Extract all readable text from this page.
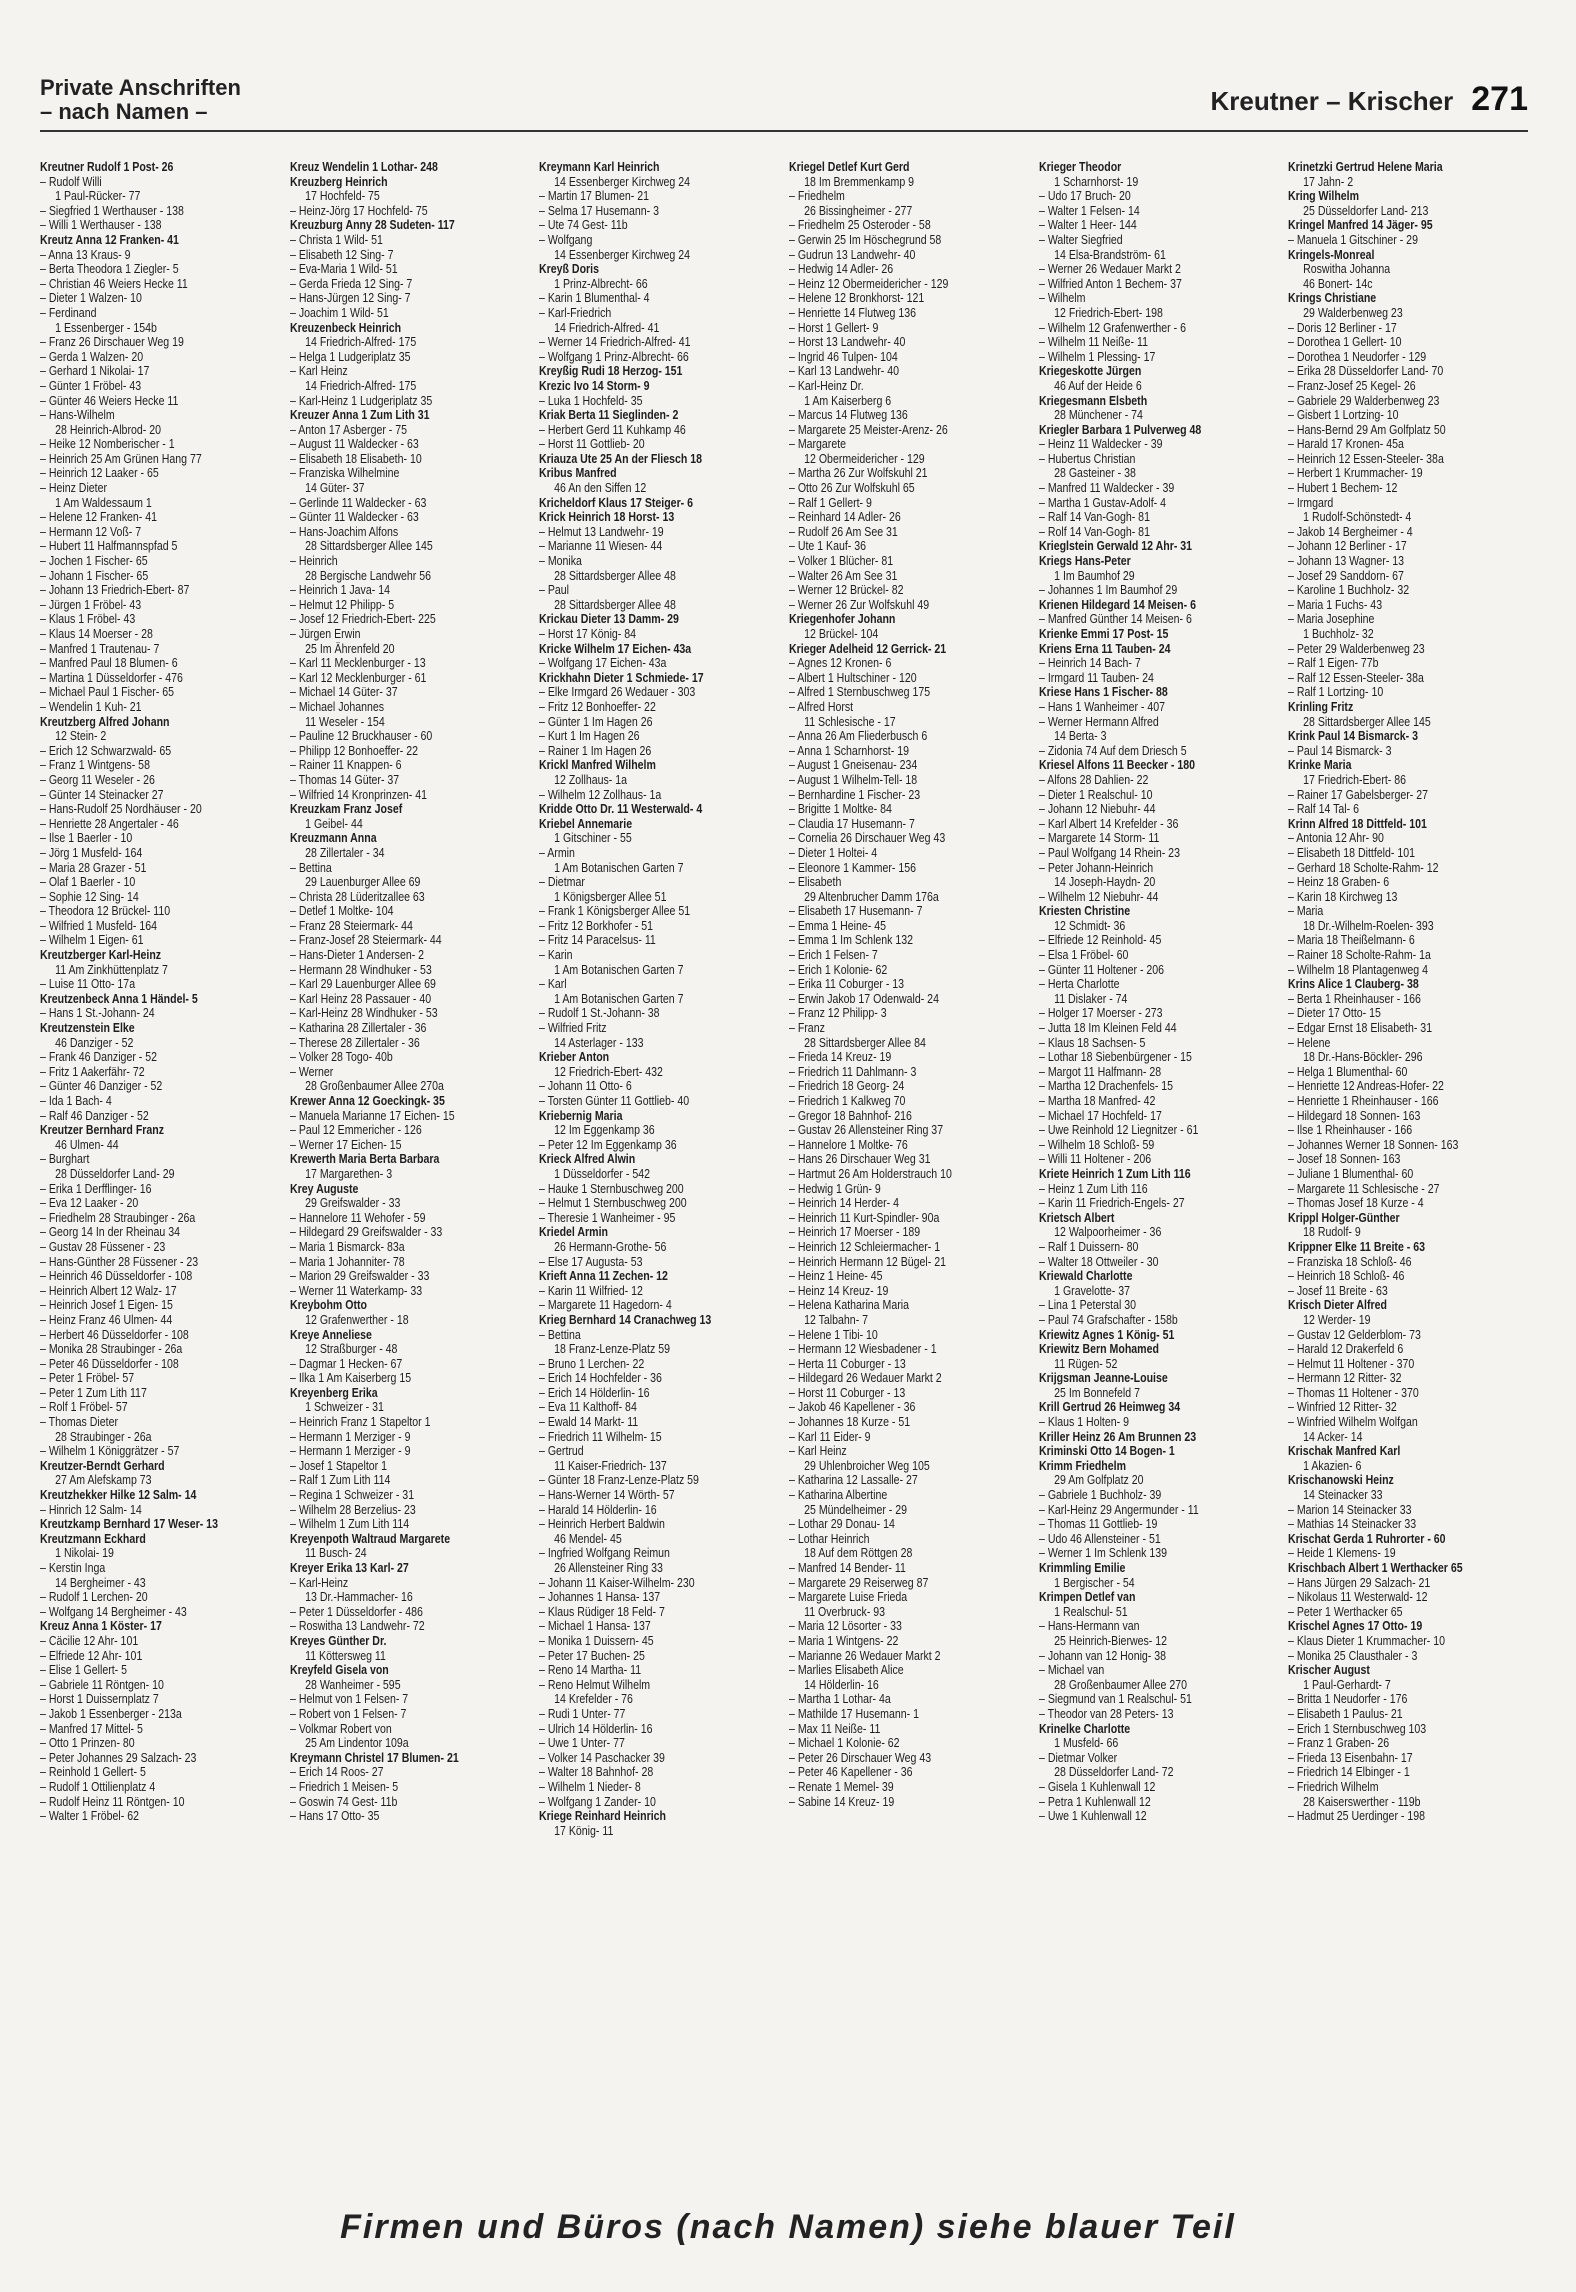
Private Anschriften
– nach Namen –	Kreutner – Krischer 271
Kreutner Rudolf 1 Post- 26
– Rudolf Willi
1 Paul-Rücker- 77
– Siegfried 1 Werthauser - 138
– Willi 1 Werthauser - 138
Kreutz Anna 12 Franken- 41
– Anna 13 Kraus- 9
– Berta Theodora 1 Ziegler- 5
– Christian 46 Weiers Hecke 11
– Dieter 1 Walzen- 10
– Ferdinand
1 Essenberger - 154b
– Franz 26 Dirschauer Weg 19
– Gerda 1 Walzen- 20
– Gerhard 1 Nikolai- 17
– Günter 1 Fröbel- 43
– Günter 46 Weiers Hecke 11
– Hans-Wilhelm
28 Heinrich-Albrod- 20
– Heike 12 Nomberischer - 1
– Heinrich 25 Am Grünen Hang 77
– Heinrich 12 Laaker - 65
– Heinz Dieter
1 Am Waldessaum 1
– Helene 12 Franken- 41
– Hermann 12 Voß- 7
– Hubert 11 Halfmannspfad 5
– Jochen 1 Fischer- 65
– Johann 1 Fischer- 65
– Johann 13 Friedrich-Ebert- 87
– Jürgen 1 Fröbel- 43
– Klaus 1 Fröbel- 43
– Klaus 14 Moerser - 28
– Manfred 1 Trautenau- 7
– Manfred Paul 18 Blumen- 6
– Martina 1 Düsseldorfer - 476
– Michael Paul 1 Fischer- 65
– Wendelin 1 Kuh- 21
Kreutzberg Alfred Johann
12 Stein- 2
– Erich 12 Schwarzwald- 65
– Franz 1 Wintgens- 58
– Georg 11 Weseler - 26
– Günter 14 Steinacker 27
– Hans-Rudolf 25 Nordhäuser - 20
– Henriette 28 Angertaler - 46
– Ilse 1 Baerler - 10
– Jörg 1 Musfeld- 164
– Maria 28 Grazer - 51
– Olaf 1 Baerler - 10
– Sophie 12 Sing- 14
– Theodora 12 Brückel- 110
– Wilfried 1 Musfeld- 164
– Wilhelm 1 Eigen- 61
Kreutzberger Karl-Heinz
11 Am Zinkhüttenplatz 7
– Luise 11 Otto- 17a
Kreutzenbeck Anna 1 Händel- 5
– Hans 1 St.-Johann- 24
Kreutzenstein Elke
46 Danziger - 52
– Frank 46 Danziger - 52
– Fritz 1 Aakerfähr- 72
– Günter 46 Danziger - 52
– Ida 1 Bach- 4
– Ralf 46 Danziger - 52
Kreutzer Bernhard Franz
46 Ulmen- 44
– Burghart
28 Düsseldorfer Land- 29
– Erika 1 Derfflinger- 16
– Eva 12 Laaker - 20
– Friedhelm 28 Straubinger - 26a
– Georg 14 In der Rheinau 34
– Gustav 28 Füssener - 23
– Hans-Günther 28 Füssener - 23
– Heinrich 46 Düsseldorfer - 108
– Heinrich Albert 12 Walz- 17
– Heinrich Josef 1 Eigen- 15
– Heinz Franz 46 Ulmen- 44
– Herbert 46 Düsseldorfer - 108
– Monika 28 Straubinger - 26a
– Peter 46 Düsseldorfer - 108
– Peter 1 Fröbel- 57
– Peter 1 Zum Lith 117
– Rolf 1 Fröbel- 57
– Thomas Dieter
28 Straubinger - 26a
– Wilhelm 1 Königgrätzer - 57
Kreutzer-Berndt Gerhard
27 Am Alefskamp 73
Kreutzhekker Hilke 12 Salm- 14
– Hinrich 12 Salm- 14
Kreutzkamp Bernhard 17 Weser- 13
Kreutzmann Eckhard
1 Nikolai- 19
– Kerstin Inga
14 Bergheimer - 43
– Rudolf 1 Lerchen- 20
– Wolfgang 14 Bergheimer - 43
Kreuz Anna 1 Köster- 17
– Cäcilie 12 Ahr- 101
– Elfriede 12 Ahr- 101
– Elise 1 Gellert- 5
– Gabriele 11 Röntgen- 10
– Horst 1 Duissernplatz 7
– Jakob 1 Essenberger - 213a
– Manfred 17 Mittel- 5
– Otto 1 Prinzen- 80
– Peter Johannes 29 Salzach- 23
– Reinhold 1 Gellert- 5
– Rudolf 1 Ottilienplatz 4
– Rudolf Heinz 11 Röntgen- 10
– Walter 1 Fröbel- 62
Kreuz Wendelin 1 Lothar- 248
Kreuzberg Heinrich
17 Hochfeld- 75
– Heinz-Jörg 17 Hochfeld- 75
Kreuzburg Anny 28 Sudeten- 117
– Christa 1 Wild- 51
– Elisabeth 12 Sing- 7
– Eva-Maria 1 Wild- 51
– Gerda Frieda 12 Sing- 7
– Hans-Jürgen 12 Sing- 7
– Joachim 1 Wild- 51
Kreuzenbeck Heinrich
14 Friedrich-Alfred- 175
– Helga 1 Ludgeriplatz 35
– Karl Heinz
14 Friedrich-Alfred- 175
– Karl-Heinz 1 Ludgeriplatz 35
Kreuzer Anna 1 Zum Lith 31
– Anton 17 Asberger - 75
– August 11 Waldecker - 63
– Elisabeth 18 Elisabeth- 10
– Franziska Wilhelmine
14 Güter- 37
– Gerlinde 11 Waldecker - 63
– Günter 11 Waldecker - 63
– Hans-Joachim Alfons
28 Sittardsberger Allee 145
– Heinrich
28 Bergische Landwehr 56
– Heinrich 1 Java- 14
– Helmut 12 Philipp- 5
– Josef 12 Friedrich-Ebert- 225
– Jürgen Erwin
25 Im Ährenfeld 20
– Karl 11 Mecklenburger - 13
– Karl 12 Mecklenburger - 61
– Michael 14 Güter- 37
– Michael Johannes
11 Weseler - 154
– Pauline 12 Bruckhauser - 60
– Philipp 12 Bonhoeffer- 22
– Rainer 11 Knappen- 6
– Thomas 14 Güter- 37
– Wilfried 14 Kronprinzen- 41
Kreuzkam Franz Josef
1 Geibel- 44
Kreuzmann Anna
28 Zillertaler - 34
– Bettina
29 Lauenburger Allee 69
– Christa 28 Lüderitzallee 63
– Detlef 1 Moltke- 104
– Franz 28 Steiermark- 44
– Franz-Josef 28 Steiermark- 44
– Hans-Dieter 1 Andersen- 2
– Hermann 28 Windhuker - 53
– Karl 29 Lauenburger Allee 69
– Karl Heinz 28 Passauer - 40
– Karl-Heinz 28 Windhuker - 53
– Katharina 28 Zillertaler - 36
– Therese 28 Zillertaler - 36
– Volker 28 Togo- 40b
– Werner
28 Großenbaumer Allee 270a
Krewer Anna 12 Goeckingk- 35
– Manuela Marianne 17 Eichen- 15
– Paul 12 Emmericher - 126
– Werner 17 Eichen- 15
Krewerth Maria Berta Barbara
17 Margarethen- 3
Krey Auguste
29 Greifswalder - 33
– Hannelore 11 Wehofer - 59
– Hildegard 29 Greifswalder - 33
– Maria 1 Bismarck- 83a
– Maria 1 Johanniter- 78
– Marion 29 Greifswalder - 33
– Werner 11 Waterkamp- 33
Kreybohm Otto
12 Grafenwerther - 18
Kreye Anneliese
12 Straßburger - 48
– Dagmar 1 Hecken- 67
– Ilka 1 Am Kaiserberg 15
Kreyenberg Erika
1 Schweizer - 31
– Heinrich Franz 1 Stapeltor 1
– Hermann 1 Merziger - 9
– Hermann 1 Merziger - 9
– Josef 1 Stapeltor 1
– Ralf 1 Zum Lith 114
– Regina 1 Schweizer - 31
– Wilhelm 28 Berzelius- 23
– Wilhelm 1 Zum Lith 114
Kreyenpoth Waltraud Margarete
11 Busch- 24
Kreyer Erika 13 Karl- 27
– Karl-Heinz
13 Dr.-Hammacher- 16
– Peter 1 Düsseldorfer - 486
– Roswitha 13 Landwehr- 72
Kreyes Günther Dr.
11 Köttersweg 11
Kreyfeld Gisela von
28 Wanheimer - 595
– Helmut von 1 Felsen- 7
– Robert von 1 Felsen- 7
– Volkmar Robert von
25 Am Lindentor 109a
Kreymann Christel 17 Blumen- 21
– Erich 14 Roos- 27
– Friedrich 1 Meisen- 5
– Goswin 74 Gest- 11b
– Hans 17 Otto- 35
Kreymann Karl Heinrich
14 Essenberger Kirchweg 24
– Martin 17 Blumen- 21
– Selma 17 Husemann- 3
– Ute 74 Gest- 11b
– Wolfgang
14 Essenberger Kirchweg 24
Kreyß Doris
1 Prinz-Albrecht- 66
– Karin 1 Blumenthal- 4
– Karl-Friedrich
14 Friedrich-Alfred- 41
– Werner 14 Friedrich-Alfred- 41
– Wolfgang 1 Prinz-Albrecht- 66
Kreyßig Rudi 18 Herzog- 151
Krezic Ivo 14 Storm- 9
– Luka 1 Hochfeld- 35
Kriak Berta 11 Sieglinden- 2
– Herbert Gerd 11 Kuhkamp 46
– Horst 11 Gottlieb- 20
Kriauza Ute 25 An der Fliesch 18
Kribus Manfred
46 An den Siffen 12
Kricheldorf Klaus 17 Steiger- 6
Krick Heinrich 18 Horst- 13
– Helmut 13 Landwehr- 19
– Marianne 11 Wiesen- 44
– Monika
28 Sittardsberger Allee 48
– Paul
28 Sittardsberger Allee 48
Krickau Dieter 13 Damm- 29
– Horst 17 König- 84
Kricke Wilhelm 17 Eichen- 43a
– Wolfgang 17 Eichen- 43a
Krickhahn Dieter 1 Schmiede- 17
– Elke Irmgard 26 Wedauer - 303
– Fritz 12 Bonhoeffer- 22
– Günter 1 Im Hagen 26
– Kurt 1 Im Hagen 26
– Rainer 1 Im Hagen 26
Krickl Manfred Wilhelm
12 Zollhaus- 1a
– Wilhelm 12 Zollhaus- 1a
Kridde Otto Dr. 11 Westerwald- 4
Kriebel Annemarie
1 Gitschiner - 55
– Armin
1 Am Botanischen Garten 7
– Dietmar
1 Königsberger Allee 51
– Frank 1 Königsberger Allee 51
– Fritz 12 Borkhofer - 51
– Fritz 14 Paracelsus- 11
– Karin
1 Am Botanischen Garten 7
– Karl
1 Am Botanischen Garten 7
– Rudolf 1 St.-Johann- 38
– Wilfried Fritz
14 Asterlager - 133
Krieber Anton
12 Friedrich-Ebert- 432
– Johann 11 Otto- 6
– Torsten Günter 11 Gottlieb- 40
Kriebernig Maria
12 Im Eggenkamp 36
– Peter 12 Im Eggenkamp 36
Krieck Alfred Alwin
1 Düsseldorfer - 542
– Hauke 1 Sternbuschweg 200
– Helmut 1 Sternbuschweg 200
– Theresie 1 Wanheimer - 95
Kriedel Armin
26 Hermann-Grothe- 56
– Else 17 Augusta- 53
Krieft Anna 11 Zechen- 12
– Karin 11 Wilfried- 12
– Margarete 11 Hagedorn- 4
Krieg Bernhard 14 Cranachweg 13
– Bettina
18 Franz-Lenze-Platz 59
– Bruno 1 Lerchen- 22
– Erich 14 Hochfelder - 36
– Erich 14 Hölderlin- 16
– Eva 11 Kalthoff- 84
– Ewald 14 Markt- 11
– Friedrich 11 Wilhelm- 15
– Gertrud
11 Kaiser-Friedrich- 137
– Günter 18 Franz-Lenze-Platz 59
– Hans-Werner 14 Wörth- 57
– Harald 14 Hölderlin- 16
– Heinrich Herbert Baldwin
46 Mendel- 45
– Ingfried Wolfgang Reimun
26 Allensteiner Ring 33
– Johann 11 Kaiser-Wilhelm- 230
– Johannes 1 Hansa- 137
– Klaus Rüdiger 18 Feld- 7
– Michael 1 Hansa- 137
– Monika 1 Duissern- 45
– Peter 17 Buchen- 25
– Reno 14 Martha- 11
– Reno Helmut Wilhelm
14 Krefelder - 76
– Rudi 1 Unter- 77
– Ulrich 14 Hölderlin- 16
– Uwe 1 Unter- 77
– Volker 14 Paschacker 39
– Walter 18 Bahnhof- 28
– Wilhelm 1 Nieder- 8
– Wolfgang 1 Zander- 10
Kriege Reinhard Heinrich
17 König- 11
Kriegel Detlef Kurt Gerd
18 Im Bremmenkamp 9
– Friedhelm
26 Bissingheimer - 277
– Friedhelm 25 Osteroder - 58
– Gerwin 25 Im Höschegrund 58
– Gudrun 13 Landwehr- 40
– Hedwig 14 Adler- 26
– Heinz 12 Obermeidericher - 129
– Helene 12 Bronkhorst- 121
– Henriette 14 Flutweg 136
– Horst 1 Gellert- 9
– Horst 13 Landwehr- 40
– Ingrid 46 Tulpen- 104
– Karl 13 Landwehr- 40
– Karl-Heinz Dr.
1 Am Kaiserberg 6
– Marcus 14 Flutweg 136
– Margarete 25 Meister-Arenz- 26
– Margarete
12 Obermeidericher - 129
– Martha 26 Zur Wolfskuhl 21
– Otto 26 Zur Wolfskuhl 65
– Ralf 1 Gellert- 9
– Reinhard 14 Adler- 26
– Rudolf 26 Am See 31
– Ute 1 Kauf- 36
– Volker 1 Blücher- 81
– Walter 26 Am See 31
– Werner 12 Brückel- 82
– Werner 26 Zur Wolfskuhl 49
Kriegenhofer Johann
12 Brückel- 104
Krieger Adelheid 12 Gerrick- 21
– Agnes 12 Kronen- 6
– Albert 1 Hultschiner - 120
– Alfred 1 Sternbuschweg 175
– Alfred Horst
11 Schlesische - 17
– Anna 26 Am Fliederbusch 6
– Anna 1 Scharnhorst- 19
– August 1 Gneisenau- 234
– August 1 Wilhelm-Tell- 18
– Bernhardine 1 Fischer- 23
– Brigitte 1 Moltke- 84
– Claudia 17 Husemann- 7
– Cornelia 26 Dirschauer Weg 43
– Dieter 1 Holtei- 4
– Eleonore 1 Kammer- 156
– Elisabeth
29 Altenbrucher Damm 176a
– Elisabeth 17 Husemann- 7
– Emma 1 Heine- 45
– Emma 1 Im Schlenk 132
– Erich 1 Felsen- 7
– Erich 1 Kolonie- 62
– Erika 11 Coburger - 13
– Erwin Jakob 17 Odenwald- 24
– Franz 12 Philipp- 3
– Franz
28 Sittardsberger Allee 84
– Frieda 14 Kreuz- 19
– Friedrich 11 Dahlmann- 3
– Friedrich 18 Georg- 24
– Friedrich 1 Kalkweg 70
– Gregor 18 Bahnhof- 216
– Gustav 26 Allensteiner Ring 37
– Hannelore 1 Moltke- 76
– Hans 26 Dirschauer Weg 31
– Hartmut 26 Am Holderstrauch 10
– Hedwig 1 Grün- 9
– Heinrich 14 Herder- 4
– Heinrich 11 Kurt-Spindler- 90a
– Heinrich 17 Moerser - 189
– Heinrich 12 Schleiermacher- 1
– Heinrich Hermann 12 Bügel- 21
– Heinz 1 Heine- 45
– Heinz 14 Kreuz- 19
– Helena Katharina Maria
12 Talbahn- 7
– Helene 1 Tibi- 10
– Hermann 12 Wiesbadener - 1
– Herta 11 Coburger - 13
– Hildegard 26 Wedauer Markt 2
– Horst 11 Coburger - 13
– Jakob 46 Kapellener - 36
– Johannes 18 Kurze - 51
– Karl 11 Eider- 9
– Karl Heinz
29 Uhlenbroicher Weg 105
– Katharina 12 Lassalle- 27
– Katharina Albertine
25 Mündelheimer - 29
– Lothar 29 Donau- 14
– Lothar Heinrich
18 Auf dem Röttgen 28
– Manfred 14 Bender- 11
– Margarete 29 Reiserweg 87
– Margarete Luise Frieda
11 Overbruck- 93
– Maria 12 Lösorter - 33
– Maria 1 Wintgens- 22
– Marianne 26 Wedauer Markt 2
– Marlies Elisabeth Alice
14 Hölderlin- 16
– Martha 1 Lothar- 4a
– Mathilde 17 Husemann- 1
– Max 11 Neiße- 11
– Michael 1 Kolonie- 62
– Peter 26 Dirschauer Weg 43
– Peter 46 Kapellener - 36
– Renate 1 Memel- 39
– Sabine 14 Kreuz- 19
Krieger Theodor
1 Scharnhorst- 19
– Udo 17 Bruch- 20
– Walter 1 Felsen- 14
– Walter 1 Heer- 144
– Walter Siegfried
14 Elsa-Brandström- 61
– Werner 26 Wedauer Markt 2
– Wilfried Anton 1 Bechem- 37
– Wilhelm
12 Friedrich-Ebert- 198
– Wilhelm 12 Grafenwerther - 6
– Wilhelm 11 Neiße- 11
– Wilhelm 1 Plessing- 17
Kriegeskotte Jürgen
46 Auf der Heide 6
Kriegesmann Elsbeth
28 Münchener - 74
Kriegler Barbara 1 Pulverweg 48
– Heinz 11 Waldecker - 39
– Hubertus Christian
28 Gasteiner - 38
– Manfred 11 Waldecker - 39
– Martha 1 Gustav-Adolf- 4
– Ralf 14 Van-Gogh- 81
– Rolf 14 Van-Gogh- 81
Krieglstein Gerwald 12 Ahr- 31
Kriegs Hans-Peter
1 Im Baumhof 29
– Johannes 1 Im Baumhof 29
Krienen Hildegard 14 Meisen- 6
– Manfred Günther 14 Meisen- 6
Krienke Emmi 17 Post- 15
Kriens Erna 11 Tauben- 24
– Heinrich 14 Bach- 7
– Irmgard 11 Tauben- 24
Kriese Hans 1 Fischer- 88
– Hans 1 Wanheimer - 407
– Werner Hermann Alfred
14 Berta- 3
– Zidonia 74 Auf dem Driesch 5
Kriesel Alfons 11 Beecker - 180
– Alfons 28 Dahlien- 22
– Dieter 1 Realschul- 10
– Johann 12 Niebuhr- 44
– Karl Albert 14 Krefelder - 36
– Margarete 14 Storm- 11
– Paul Wolfgang 14 Rhein- 23
– Peter Johann-Heinrich
14 Joseph-Haydn- 20
– Wilhelm 12 Niebuhr- 44
Kriesten Christine
12 Schmidt- 36
– Elfriede 12 Reinhold- 45
– Elsa 1 Fröbel- 60
– Günter 11 Holtener - 206
– Herta Charlotte
11 Dislaker - 74
– Holger 17 Moerser - 273
– Jutta 18 Im Kleinen Feld 44
– Klaus 18 Sachsen- 5
– Lothar 18 Siebenbürgener - 15
– Margot 11 Halfmann- 28
– Martha 12 Drachenfels- 15
– Martha 18 Manfred- 42
– Michael 17 Hochfeld- 17
– Uwe Reinhold 12 Liegnitzer - 61
– Wilhelm 18 Schloß- 59
– Willi 11 Holtener - 206
Kriete Heinrich 1 Zum Lith 116
– Heinz 1 Zum Lith 116
– Karin 11 Friedrich-Engels- 27
Krietsch Albert
12 Walpoorheimer - 36
– Ralf 1 Duissern- 80
– Walter 18 Ottweiler - 30
Kriewald Charlotte
1 Gravelotte- 37
– Lina 1 Peterstal 30
– Paul 74 Grafschafter - 158b
Kriewitz Agnes 1 König- 51
Kriewitz Bern Mohamed
11 Rügen- 52
Krijgsman Jeanne-Louise
25 Im Bonnefeld 7
Krill Gertrud 26 Heimweg 34
– Klaus 1 Holten- 9
Kriller Heinz 26 Am Brunnen 23
Kriminski Otto 14 Bogen- 1
Krimm Friedhelm
29 Am Golfplatz 20
– Gabriele 1 Buchholz- 39
– Karl-Heinz 29 Angermunder - 11
– Thomas 11 Gottlieb- 19
– Udo 46 Allensteiner - 51
– Werner 1 Im Schlenk 139
Krimmling Emilie
1 Bergischer - 54
Krimpen Detlef van
1 Realschul- 51
– Hans-Hermann van
25 Heinrich-Bierwes- 12
– Johann van 12 Honig- 38
– Michael van
28 Großenbaumer Allee 270
– Siegmund van 1 Realschul- 51
– Theodor van 28 Peters- 13
Krinelke Charlotte
1 Musfeld- 66
– Dietmar Volker
28 Düsseldorfer Land- 72
– Gisela 1 Kuhlenwall 12
– Petra 1 Kuhlenwall 12
– Uwe 1 Kuhlenwall 12
Krinetzki Gertrud Helene Maria
17 Jahn- 2
Kring Wilhelm
25 Düsseldorfer Land- 213
Kringel Manfred 14 Jäger- 95
– Manuela 1 Gitschiner - 29
Kringels-Monreal
Roswitha Johanna
46 Bonert- 14c
Krings Christiane
29 Walderbenweg 23
– Doris 12 Berliner - 17
– Dorothea 1 Gellert- 10
– Dorothea 1 Neudorfer - 129
– Erika 28 Düsseldorfer Land- 70
– Franz-Josef 25 Kegel- 26
– Gabriele 29 Walderbenweg 23
– Gisbert 1 Lortzing- 10
– Hans-Bernd 29 Am Golfplatz 50
– Harald 17 Kronen- 45a
– Heinrich 12 Essen-Steeler- 38a
– Herbert 1 Krummacher- 19
– Hubert 1 Bechem- 12
– Irmgard
1 Rudolf-Schönstedt- 4
– Jakob 14 Bergheimer - 4
– Johann 12 Berliner - 17
– Johann 13 Wagner- 13
– Josef 29 Sanddorn- 67
– Karoline 1 Buchholz- 32
– Maria 1 Fuchs- 43
– Maria Josephine
1 Buchholz- 32
– Peter 29 Walderbenweg 23
– Ralf 1 Eigen- 77b
– Ralf 12 Essen-Steeler- 38a
– Ralf 1 Lortzing- 10
Krinling Fritz
28 Sittardsberger Allee 145
Krink Paul 14 Bismarck- 3
– Paul 14 Bismarck- 3
Krinke Maria
17 Friedrich-Ebert- 86
– Rainer 17 Gabelsberger- 27
– Ralf 14 Tal- 6
Krinn Alfred 18 Dittfeld- 101
– Antonia 12 Ahr- 90
– Elisabeth 18 Dittfeld- 101
– Gerhard 18 Scholte-Rahm- 12
– Heinz 18 Graben- 6
– Karin 18 Kirchweg 13
– Maria
18 Dr.-Wilhelm-Roelen- 393
– Maria 18 Theißelmann- 6
– Rainer 18 Scholte-Rahm- 1a
– Wilhelm 18 Plantagenweg 4
Krins Alice 1 Clauberg- 38
– Berta 1 Rheinhauser - 166
– Dieter 17 Otto- 15
– Edgar Ernst 18 Elisabeth- 31
– Helene
18 Dr.-Hans-Böckler- 296
– Helga 1 Blumenthal- 60
– Henriette 12 Andreas-Hofer- 22
– Henriette 1 Rheinhauser - 166
– Hildegard 18 Sonnen- 163
– Ilse 1 Rheinhauser - 166
– Johannes Werner 18 Sonnen- 163
– Josef 18 Sonnen- 163
– Juliane 1 Blumenthal- 60
– Margarete 11 Schlesische - 27
– Thomas Josef 18 Kurze - 4
Krippl Holger-Günther
18 Rudolf- 9
Krippner Elke 11 Breite - 63
– Franziska 18 Schloß- 46
– Heinrich 18 Schloß- 46
– Josef 11 Breite - 63
Krisch Dieter Alfred
12 Werder- 19
– Gustav 12 Gelderblom- 73
– Harald 12 Drakerfeld 6
– Helmut 11 Holtener - 370
– Hermann 12 Ritter- 32
– Thomas 11 Holtener - 370
– Winfried 12 Ritter- 32
– Winfried Wilhelm Wolfgan
14 Acker- 14
Krischak Manfred Karl
1 Akazien- 6
Krischanowski Heinz
14 Steinacker 33
– Marion 14 Steinacker 33
– Mathias 14 Steinacker 33
Krischat Gerda 1 Ruhrorter - 60
– Heide 1 Klemens- 19
Krischbach Albert 1 Werthacker 65
– Hans Jürgen 29 Salzach- 21
– Nikolaus 11 Westerwald- 12
– Peter 1 Werthacker 65
Krischel Agnes 17 Otto- 19
– Klaus Dieter 1 Krummacher- 10
– Monika 25 Clausthaler - 3
Krischer August
1 Paul-Gerhardt- 7
– Britta 1 Neudorfer - 176
– Elisabeth 1 Paulus- 21
– Erich 1 Sternbuschweg 103
– Franz 1 Graben- 26
– Frieda 13 Eisenbahn- 17
– Friedrich 14 Elbinger - 1
– Friedrich Wilhelm
28 Kaiserswerther - 119b
– Hadmut 25 Uerdinger - 198
Firmen und Büros (nach Namen) siehe blauer Teil
